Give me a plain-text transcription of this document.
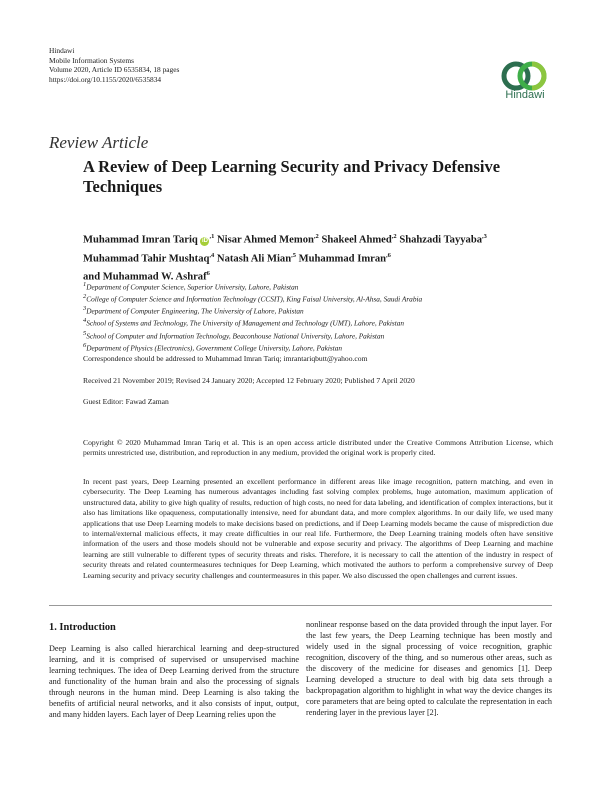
Hindawi
Mobile Information Systems
Volume 2020, Article ID 6535834, 18 pages
https://doi.org/10.1155/2020/6535834
Hindawi
Review Article
A Review of Deep Learning Security and Privacy Defensive Techniques
Muhammad Imran Tariq $iD^{,1}$ Nisar Ahmed Memon$^{,2}$ Shakeel Ahmed$^{,2}$ Shahzadi Tayyaba$^{,3}$
Muhammad Tahir Mushtaq$^{,4}$ Natash Ali Mian$^{,5}$ Muhammad Imran$^{,6}$
and Muhammad W. Ashraf$^6$
$^1$Department of Computer Science, Superior University, Lahore, Pakistan
$^2$College of Computer Science and Information Technology (CCSIT), King Faisal University, Al-Ahsa, Saudi Arabia
$^3$Department of Computer Engineering, The University of Lahore, Pakistan
$^4$School of Systems and Technology, The University of Management and Technology (UMT), Lahore, Pakistan
$^5$School of Computer and Information Technology, Beaconhouse National University, Lahore, Pakistan
$^6$Department of Physics (Electronics), Government College University, Lahore, Pakistan
Correspondence should be addressed to Muhammad Imran Tariq; imrantariqbutt@yahoo.com
Received 21 November 2019; Revised 24 January 2020; Accepted 12 February 2020; Published 7 April 2020
Guest Editor: Fawad Zaman
Copyright © 2020 Muhammad Imran Tariq et al. This is an open access article distributed under the Creative Commons Attribution License, which permits unrestricted use, distribution, and reproduction in any medium, provided the original work is properly cited.
In recent past years, Deep Learning presented an excellent performance in different areas like image recognition, pattern matching, and even in cybersecurity. The Deep Learning has numerous advantages including fast solving complex problems, huge automation, maximum application of unstructured data, ability to give high quality of results, reduction of high costs, no need for data labeling, and identification of complex interactions, but it also has limitations like opaqueness, computationally intensive, need for abundant data, and more complex algorithms. In our daily life, we used many applications that use Deep Learning models to make decisions based on predictions, and if Deep Learning models became the cause of misprediction due to internal/external malicious effects, it may create difficulties in our real life. Furthermore, the Deep Learning training models often have sensitive information of the users and those models should not be vulnerable and expose security and privacy. The algorithms of Deep Learning and machine learning are still vulnerable to different types of security threats and risks. Therefore, it is necessary to call the attention of the industry in respect of security threats and related countermeasures techniques for Deep Learning, which motivated the authors to perform a comprehensive survey of Deep Learning security and privacy security challenges and countermeasures in this paper. We also discussed the open challenges and current issues.
1. Introduction
Deep Learning is also called hierarchical learning and deep-structured learning, and it is comprised of supervised or unsupervised machine learning techniques. The idea of Deep Learning derived from the structure and functionality of the human brain and also the processing of signals through neurons in the human mind. Deep Learning is also taking the benefits of artificial neural networks, and it also consists of input, output, and many hidden layers. Each layer of Deep Learning relies upon the
nonlinear response based on the data provided through the input layer. For the last few years, the Deep Learning technique has been mostly and widely used in the signal processing of voice recognition, graphic recognition, discovery of the thing, and so numerous other areas, such as the discovery of the medicine for diseases and genomics [1]. Deep Learning developed a structure to deal with big data sets through a backpropagation algorithm to highlight in what way the device changes its core parameters that are being opted to calculate the representation in each rendering layer in the previous layer [2].
